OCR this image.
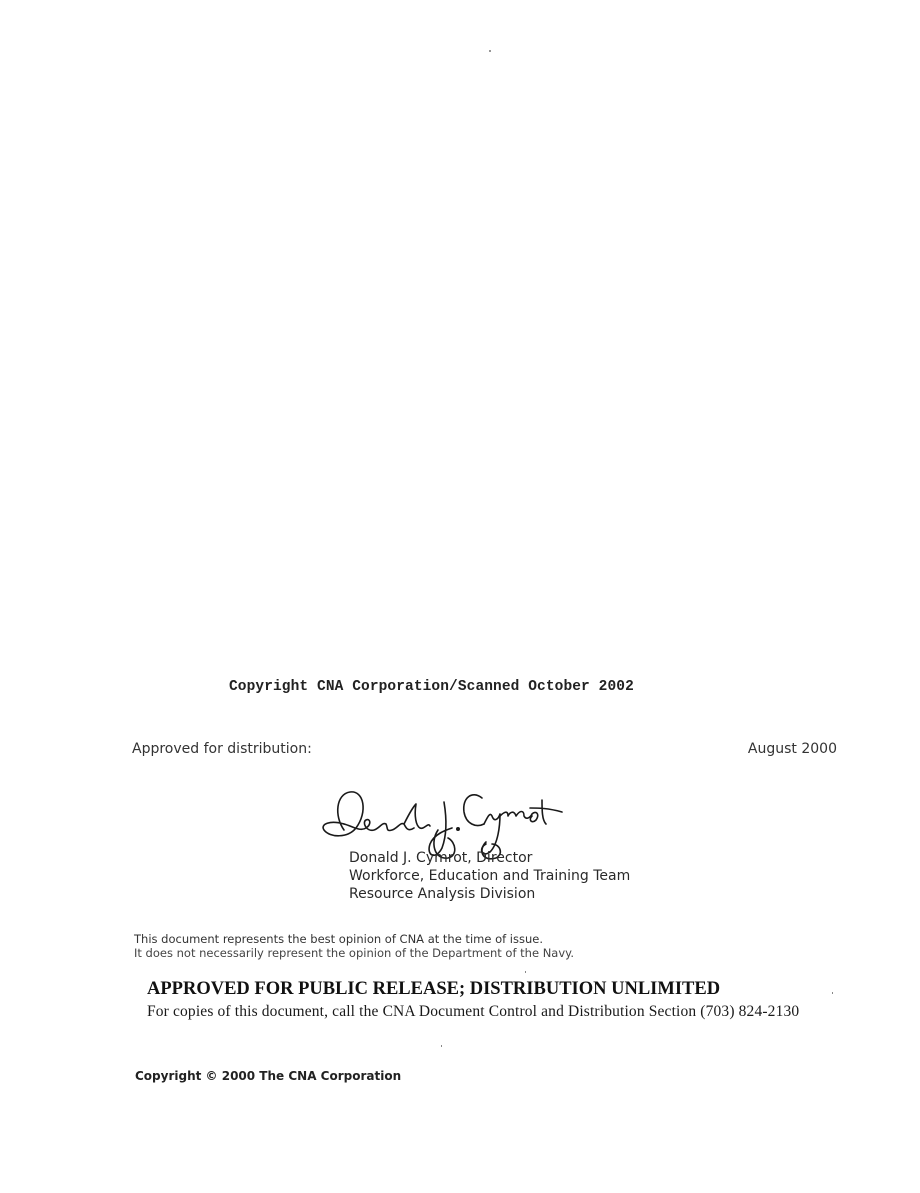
Copyright CNA Corporation/Scanned October 2002
Approved for distribution:	August 2000
Donald J. Cymrot, Director
Workforce, Education and Training Team
Resource Analysis Division
This document represents the best opinion of CNA at the time of issue.
It does not necessarily represent the opinion of the Department of the Navy.
APPROVED FOR PUBLIC RELEASE; DISTRIBUTION UNLIMITED
For copies of this document, call the CNA Document Control and Distribution Section (703) 824-2130
Copyright © 2000 The CNA Corporation
